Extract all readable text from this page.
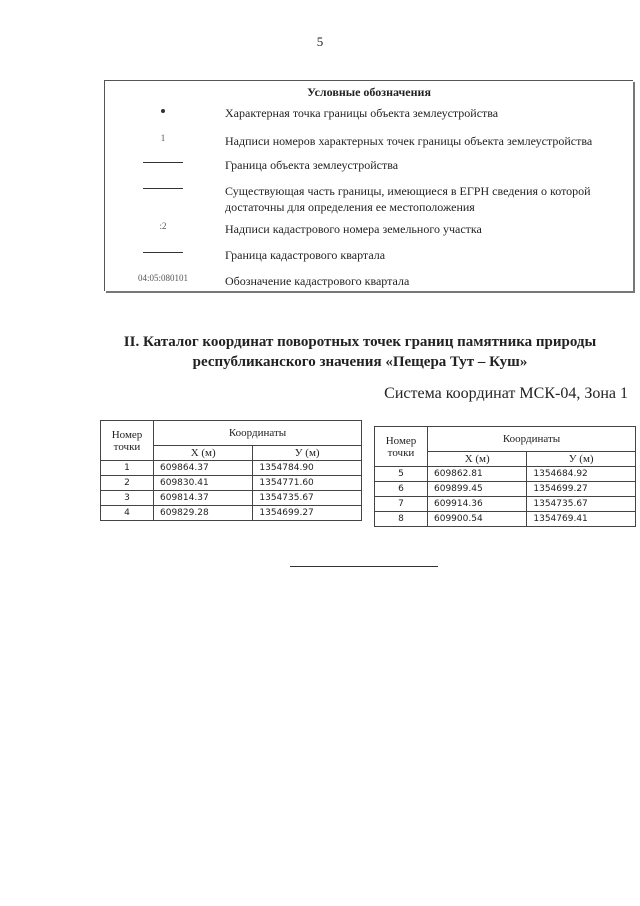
5
Условные обозначения
Характерная точка границы объекта землеустройства
1	Надписи номеров характерных точек границы объекта землеустройства
Граница объекта землеустройства
Существующая часть границы, имеющиеся в ЕГРН сведения о которой достаточны для определения ее местоположения
:2	Надписи кадастрового номера земельного участка
Граница кадастрового квартала
04:05:080101	Обозначение кадастрового квартала
II. Каталог координат поворотных точек границ памятника природы
республиканского значения «Пещера Тут – Куш»
Система координат МСК-04, Зона 1
Номер точки	Координаты	
	X (м)	У (м)
1	609864.37	1354784.90
2	609830.41	1354771.60
3	609814.37	1354735.67
4	609829.28	1354699.27
Номер точки	Координаты	
	X (м)	У (м)
5	609862.81	1354684.92
6	609899.45	1354699.27
7	609914.36	1354735.67
8	609900.54	1354769.41
